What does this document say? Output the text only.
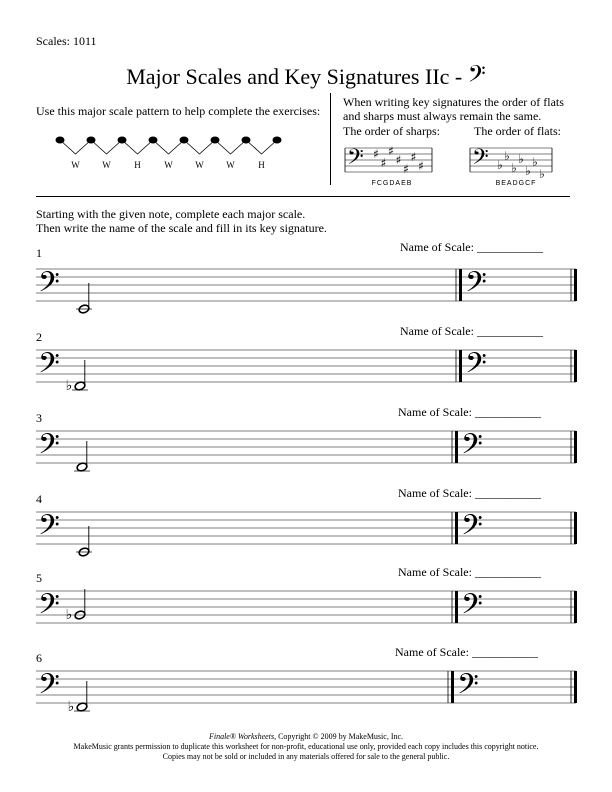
Scales: 1011
Major Scales and Key Signatures IIc - 𝄢
Use this major scale pattern to help complete the exercises:
When writing key signatures the order of flats and sharps must always remain the same.
The order of sharps:	The order of flats:
FCGDAEB	BEADGCF
Starting with the given note, complete each major scale.
Then write the name of the scale and fill in its key signature.
W	W	H	W	W	W	H	𝄢 ♯
♯
♯
♯
♯
♯
♯ 𝄢 ♭
♭
♭
♭
♭
♭
♭
𝄢	𝄢
𝄢	𝄢
♭
𝄢	𝄢
𝄢	𝄢
𝄢	𝄢
♭
𝄢	𝄢
♭
1	Name of Scale: ___________
2	Name of Scale: ___________
3	Name of Scale: ___________
4	Name of Scale: ___________
5	Name of Scale: ___________
6	Name of Scale: ___________
Finale® Worksheets, Copyright © 2009 by MakeMusic, Inc.
MakeMusic grants permission to duplicate this worksheet for non-profit, educational use only, provided each copy includes this copyright notice.
Copies may not be sold or included in any materials offered for sale to the general public.
